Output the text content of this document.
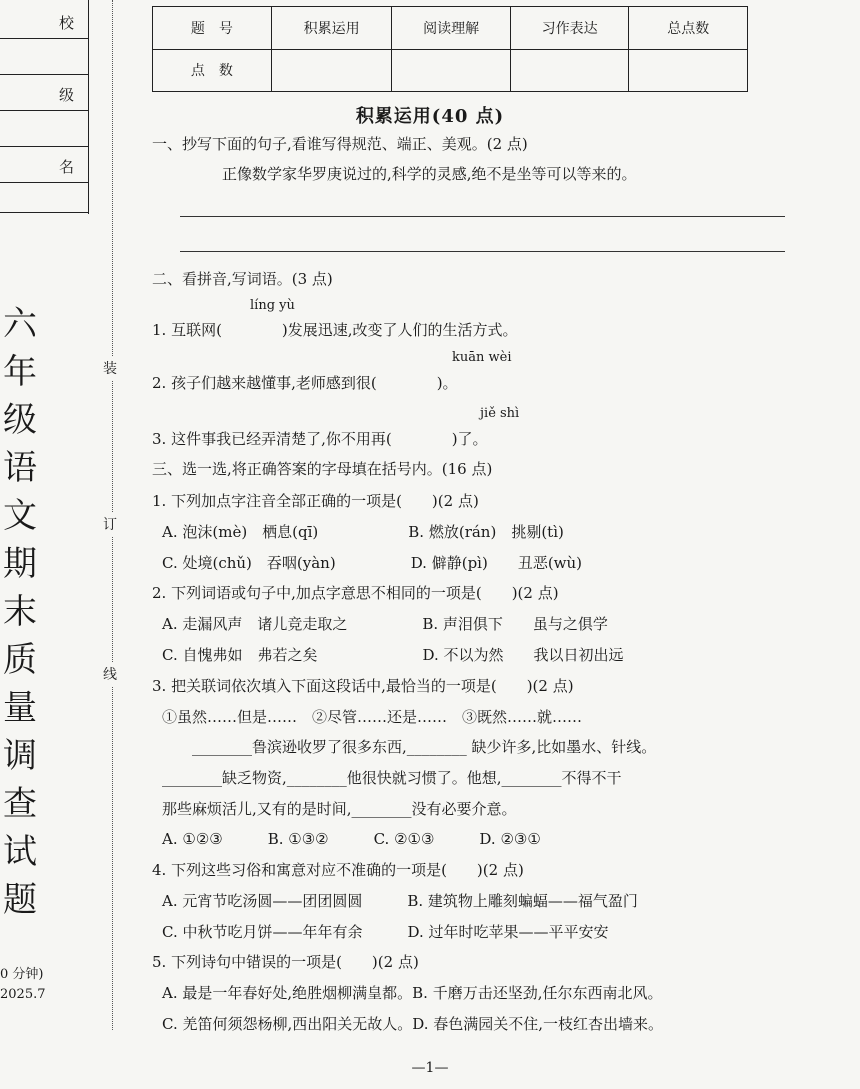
校
级
名
六
年
级
语
文
期
末
质
量
调
查
试
题
0 分钟)
2025.7
装
订
线
题　号	积累运用	阅读理解	习作表达	总点数
点　数				
积累运用(40 点)
一、抄写下面的句子,看谁写得规范、端正、美观。(2 点)
正像数学家华罗庚说过的,科学的灵感,绝不是坐等可以等来的。
二、看拼音,写词语。(3 点)
líng yù
1. 互联网(　　　　)发展迅速,改变了人们的生活方式。
kuān wèi
2. 孩子们越来越懂事,老师感到很(　　　　)。
jiě shì
3. 这件事我已经弄清楚了,你不用再(　　　　)了。
三、选一选,将正确答案的字母填在括号内。(16 点)
1. 下列加点字注音全部正确的一项是(　　)(2 点)
A. 泡沫(mè)　栖息(qī)　　　　　　B. 燃放(rán)　挑剔(tì)
C. 处境(chǔ)　吞咽(yàn)　　　　　D. 僻静(pì)　　丑恶(wù)
2. 下列词语或句子中,加点字意思不相同的一项是(　　)(2 点)
A. 走漏风声　诸儿竞走取之　　　　　B. 声泪俱下　　虽与之俱学
C. 自愧弗如　弗若之矣　　　　　　　D. 不以为然　　我以日初出远
3. 把关联词依次填入下面这段话中,最恰当的一项是(　　)(2 点)
①虽然……但是……　②尽管……还是……　③既然……就……
　　________鲁滨逊收罗了很多东西,________ 缺少许多,比如墨水、针线。
________缺乏物资,________他很快就习惯了。他想,________不得不干
那些麻烦活儿,又有的是时间,________没有必要介意。
A. ①②③　　　B. ①③②　　　C. ②①③　　　D. ②③①
4. 下列这些习俗和寓意对应不准确的一项是(　　)(2 点)
A. 元宵节吃汤圆——团团圆圆　　　B. 建筑物上雕刻蝙蝠——福气盈门
C. 中秋节吃月饼——年年有余　　　D. 过年时吃苹果——平平安安
5. 下列诗句中错误的一项是(　　)(2 点)
A. 最是一年春好处,绝胜烟柳满皇都。B. 千磨万击还坚劲,任尔东西南北风。
C. 羌笛何须怨杨柳,西出阳关无故人。D. 春色满园关不住,一枝红杏出墙来。
—1—
